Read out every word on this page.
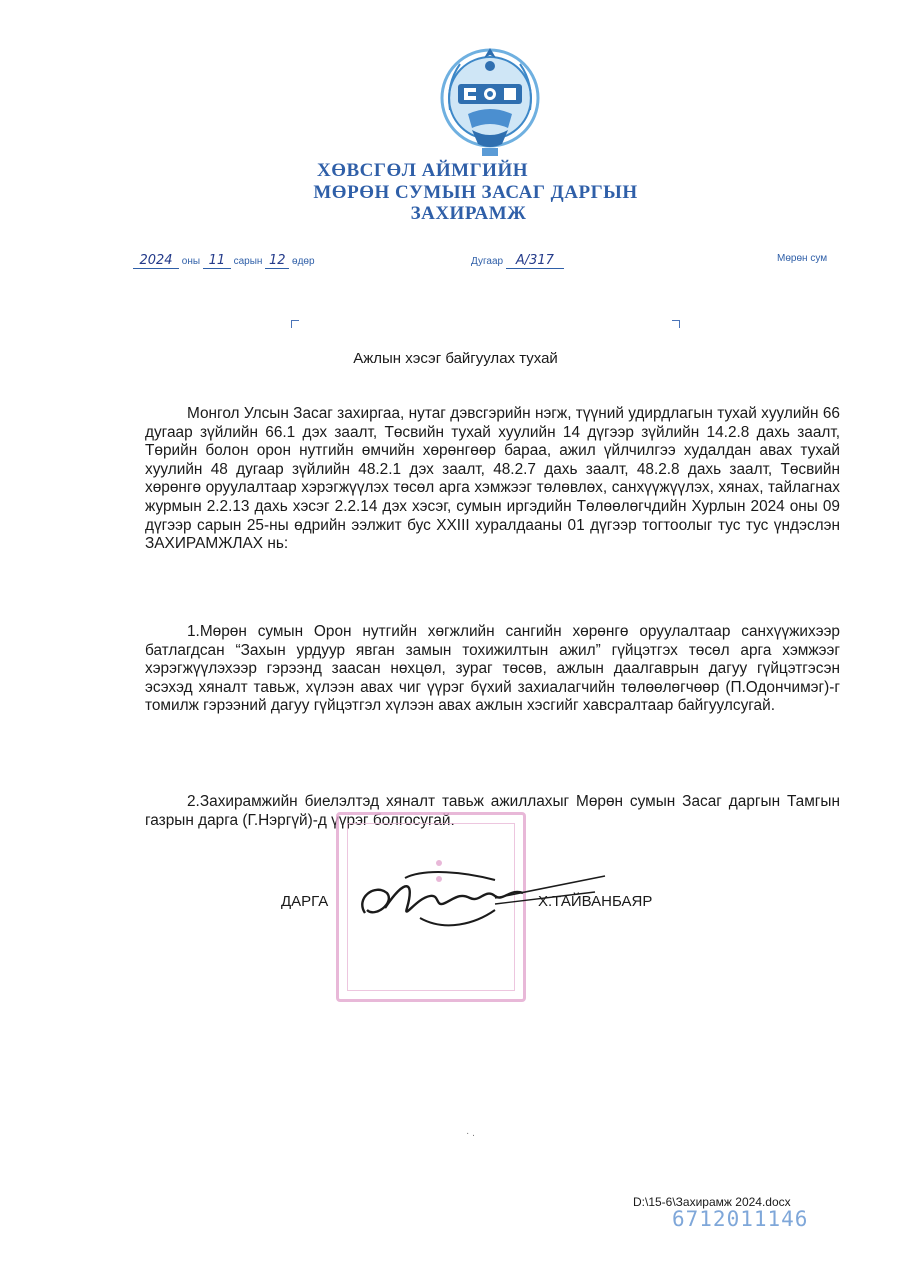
ХӨВСГӨЛ АЙМГИЙН
МӨРӨН СУМЫН ЗАСАГ ДАРГЫН
ЗАХИРАМЖ
2024 оны 11 сарын 12 өдөр	Дугаар А/317	Мөрөн сум
Ажлын хэсэг байгуулах тухай
Монгол Улсын Засаг захиргаа, нутаг дэвсгэрийн нэгж, түүний удирдлагын тухай хуулийн 66 дугаар зүйлийн 66.1 дэх заалт, Төсвийн тухай хуулийн 14 дүгээр зүйлийн 14.2.8 дахь заалт, Төрийн болон орон нутгийн өмчийн хөрөнгөөр бараа, ажил үйлчилгээ худалдан авах тухай хуулийн 48 дугаар зүйлийн 48.2.1 дэх заалт, 48.2.7 дахь заалт, 48.2.8 дахь заалт, Төсвийн хөрөнгө оруулалтаар хэрэгжүүлэх төсөл арга хэмжээг төлөвлөх, санхүүжүүлэх, хянах, тайлагнах журмын 2.2.13 дахь хэсэг 2.2.14 дэх хэсэг, сумын иргэдийн Төлөөлөгчдийн Хурлын 2024 оны 09 дүгээр сарын 25-ны өдрийн ээлжит бус XXIII хуралдааны 01 дүгээр тогтоолыг тус тус үндэслэн ЗАХИРАМЖЛАХ нь:
1.Мөрөн сумын Орон нутгийн хөгжлийн сангийн хөрөнгө оруулалтаар санхүүжихээр батлагдсан “Захын урдуур явган замын тохижилтын ажил” гүйцэтгэх төсөл арга хэмжээг хэрэгжүүлэхээр гэрээнд заасан нөхцөл, зураг төсөв, ажлын даалгаврын дагуу гүйцэтгэсэн эсэхэд хяналт тавьж, хүлээн авах чиг үүрэг бүхий захиалагчийн төлөөлөгчөөр (П.Одончимэг)-г томилж гэрээний дагуу гүйцэтгэл хүлээн авах ажлын хэсгийг хавсралтаар байгуулсугай.
2.Захирамжийн биелэлтэд хяналт тавьж ажиллахыг Мөрөн сумын Засаг даргын Тамгын газрын дарга (Г.Нэргүй)-д үүрэг болгосугай.
ДАРГА	Х.ТАЙВАНБАЯР
· .
D:\15-6\Захирамж 2024.docx
6712011146
